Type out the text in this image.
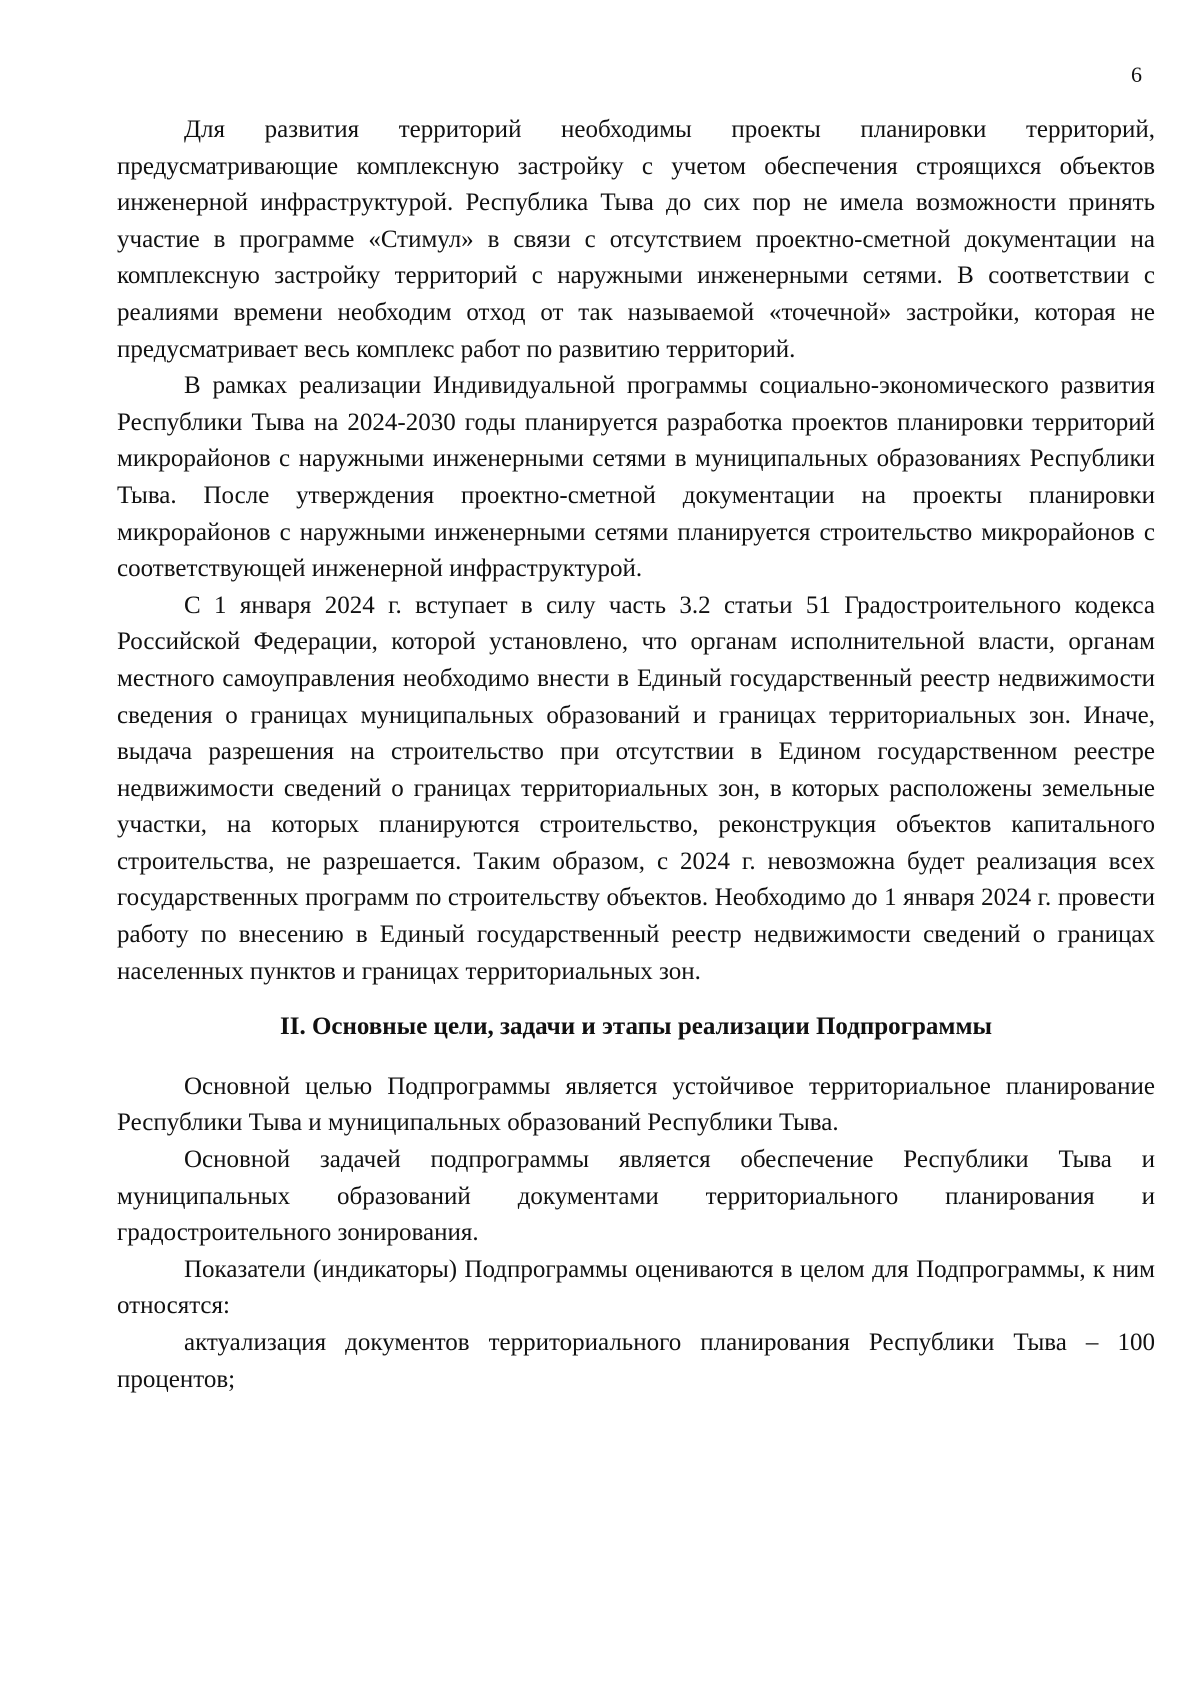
6

Для развития территорий необходимы проекты планировки территорий, предусматривающие комплексную застройку с учетом обеспечения строящихся объектов инженерной инфраструктурой. Республика Тыва до сих пор не имела возможности принять участие в программе «Стимул» в связи с отсутствием проектно-сметной документации на комплексную застройку территорий с наружными инженерными сетями. В соответствии с реалиями времени необходим отход от так называемой «точечной» застройки, которая не предусматривает весь комплекс работ по развитию территорий.

В рамках реализации Индивидуальной программы социально-экономического развития Республики Тыва на 2024-2030 годы планируется разработка проектов планировки территорий микрорайонов с наружными инженерными сетями в муниципальных образованиях Республики Тыва. После утверждения проектно-сметной документации на проекты планировки микрорайонов с наружными инженерными сетями планируется строительство микрорайонов с соответствующей инженерной инфраструктурой.

С 1 января 2024 г. вступает в силу часть 3.2 статьи 51 Градостроительного кодекса Российской Федерации, которой установлено, что органам исполнительной власти, органам местного самоуправления необходимо внести в Единый государственный реестр недвижимости сведения о границах муниципальных образований и границах территориальных зон. Иначе, выдача разрешения на строительство при отсутствии в Едином государственном реестре недвижимости сведений о границах территориальных зон, в которых расположены земельные участки, на которых планируются строительство, реконструкция объектов капитального строительства, не разрешается. Таким образом, с 2024 г. невозможна будет реализация всех государственных программ по строительству объектов. Необходимо до 1 января 2024 г. провести работу по внесению в Единый государственный реестр недвижимости сведений о границах населенных пунктов и границах территориальных зон.

II. Основные цели, задачи и этапы реализации Подпрограммы

Основной целью Подпрограммы является устойчивое территориальное планирование Республики Тыва и муниципальных образований Республики Тыва.

Основной задачей подпрограммы является обеспечение Республики Тыва и муниципальных образований документами территориального планирования и градостроительного зонирования.

Показатели (индикаторы) Подпрограммы оцениваются в целом для Подпрограммы, к ним относятся:

актуализация документов территориального планирования Республики Тыва – 100 процентов;
